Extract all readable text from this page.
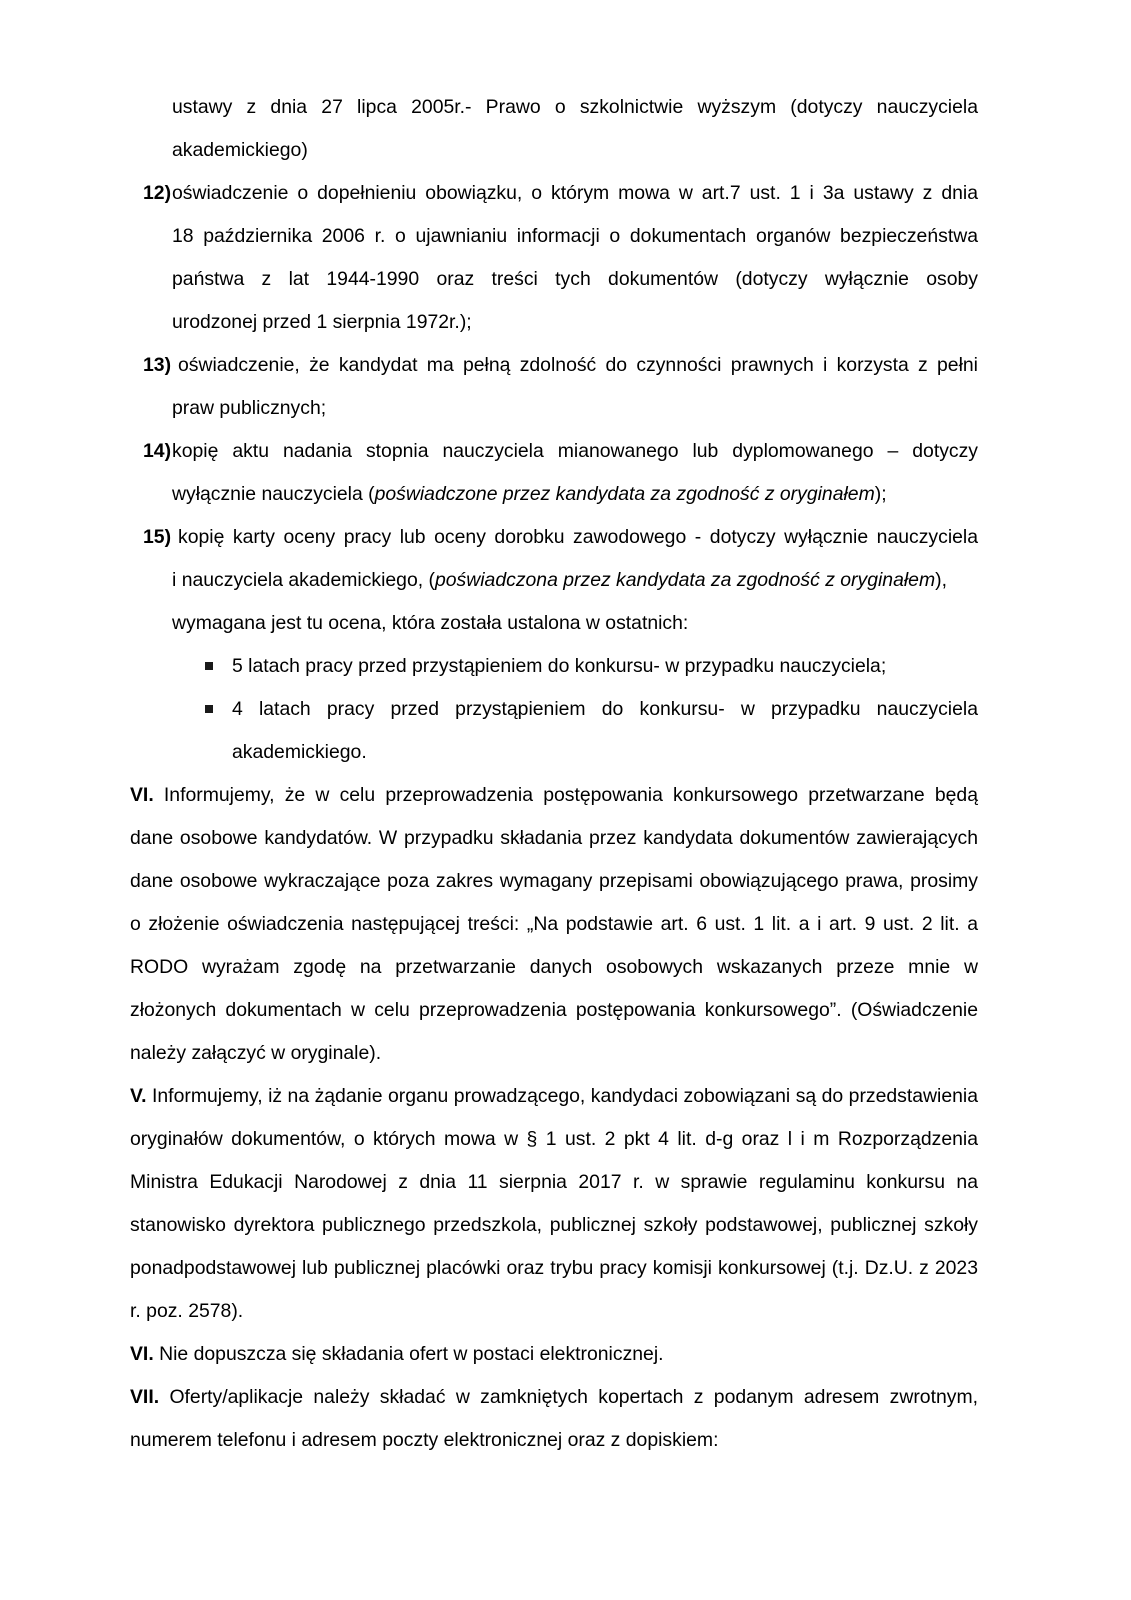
ustawy z dnia 27 lipca 2005r.- Prawo o szkolnictwie wyższym (dotyczy nauczyciela
akademickiego)
12) oświadczenie o dopełnieniu obowiązku, o którym mowa w art.7 ust. 1 i 3a ustawy z dnia
18 października 2006 r. o ujawnianiu informacji o dokumentach organów bezpieczeństwa
państwa z lat 1944-1990 oraz treści tych dokumentów (dotyczy wyłącznie osoby
urodzonej przed 1 sierpnia 1972r.);
13) oświadczenie, że kandydat ma pełną zdolność do czynności prawnych i korzysta z pełni
praw publicznych;
14) kopię aktu nadania stopnia nauczyciela mianowanego lub dyplomowanego – dotyczy
wyłącznie nauczyciela (poświadczone przez kandydata za zgodność z oryginałem);
15) kopię karty oceny pracy lub oceny dorobku zawodowego - dotyczy wyłącznie nauczyciela
i nauczyciela akademickiego, (poświadczona przez kandydata za zgodność z oryginałem),
wymagana jest tu ocena, która została ustalona w ostatnich:
5 latach pracy przed przystąpieniem do konkursu- w przypadku nauczyciela;
4 latach pracy przed przystąpieniem do konkursu- w przypadku nauczyciela akademickiego.
VI. Informujemy, że w celu przeprowadzenia postępowania konkursowego przetwarzane będą dane osobowe kandydatów. W przypadku składania przez kandydata dokumentów zawierających dane osobowe wykraczające poza zakres wymagany przepisami obowiązującego prawa, prosimy o złożenie oświadczenia następującej treści: „Na podstawie art. 6 ust. 1 lit. a i art. 9 ust. 2 lit. a RODO wyrażam zgodę na przetwarzanie danych osobowych wskazanych przeze mnie w złożonych dokumentach w celu przeprowadzenia postępowania konkursowego”. (Oświadczenie należy załączyć w oryginale).
V. Informujemy, iż na żądanie organu prowadzącego, kandydaci zobowiązani są do przedstawienia oryginałów dokumentów, o których mowa w § 1 ust. 2 pkt 4 lit. d-g oraz l i m Rozporządzenia Ministra Edukacji Narodowej z dnia 11 sierpnia 2017 r. w sprawie regulaminu konkursu na stanowisko dyrektora publicznego przedszkola, publicznej szkoły podstawowej, publicznej szkoły ponadpodstawowej lub publicznej placówki oraz trybu pracy komisji konkursowej (t.j. Dz.U. z 2023 r. poz. 2578).
VI. Nie dopuszcza się składania ofert w postaci elektronicznej.
VII. Oferty/aplikacje należy składać w zamkniętych kopertach z podanym adresem zwrotnym, numerem telefonu i adresem poczty elektronicznej oraz z dopiskiem:
